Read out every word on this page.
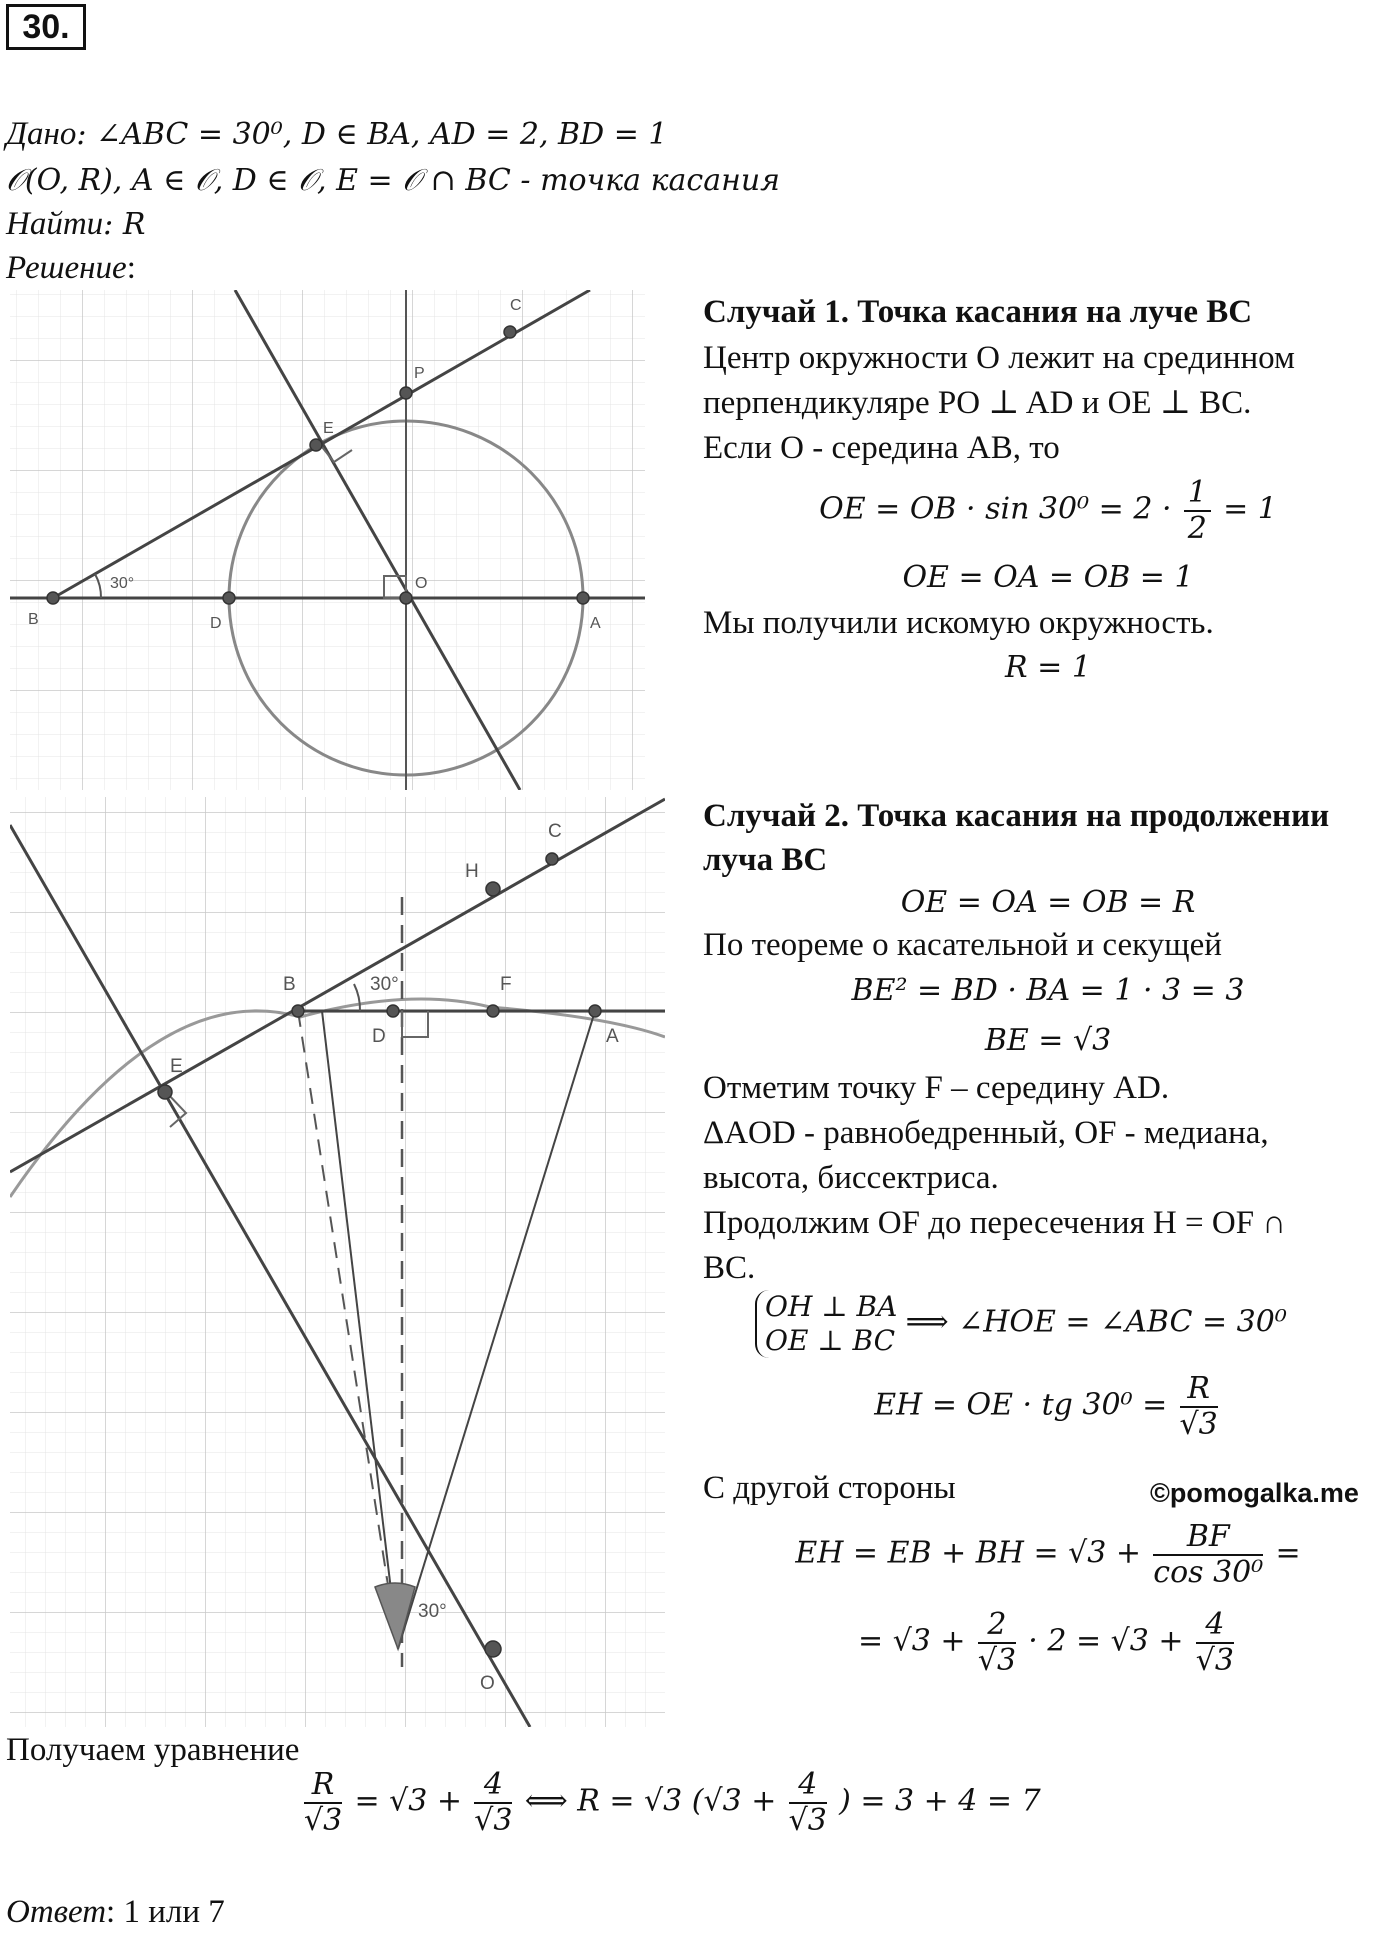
30.
Дано: ∠ABC = 30⁰, D ∈ BA, AD = 2, BD = 1
𝒪(O, R), A ∈ 𝒪, D ∈ 𝒪, E = 𝒪 ∩ BC - точка касания
Найти: R
Решение:
B	D
O
A
E
P
C
30°
E
B
D
F
A
H
C
O
30°
30°
Случай 1. Точка касания на луче BC
Центр окружности O лежит на срединном
перпендикуляре PO ⊥ AD и OE ⊥ BC.
Если O - середина AB, то
OE = OB · $\sin 30^0 = 2 \cdot \frac{1}{2} = 1$
OE = OA = OB = 1
Мы получили искомую окружность.
R = 1
Случай 2. Точка касания на продолжении
луча BC
OE = OA = OB = R
По теореме о касательной и секущей
BE² = BD · BA = 1 · 3 = 3
BE = √3
Отметим точку F – середину AD.
ΔAOD - равнобедренный, OF - медиана,
высота, биссектриса.
Продолжим OF до пересечения H = OF ∩
BC.
OH ⊥ BA
OE ⊥ BC
⟹ ∠HOE = ∠ABC = 30⁰
EH = OE · tg $30^0 = \frac{R}{√3}$
С другой стороны	©pomogalka.me
EH = EB + BH = $√3 + \frac{BF}{\text{cos 30⁰}}$ =
= $√3 + \frac{2}{√3} \cdot 2 = √3 + \frac{4}{√3}$
Получаем уравнение
$\frac{R}{√3} = √3 + \frac{4}{√3}$ ⟺ R = √3 ($√3 + \frac{4}{√3}$ ) = 3 + 4 = 7
Ответ: 1 или 7
